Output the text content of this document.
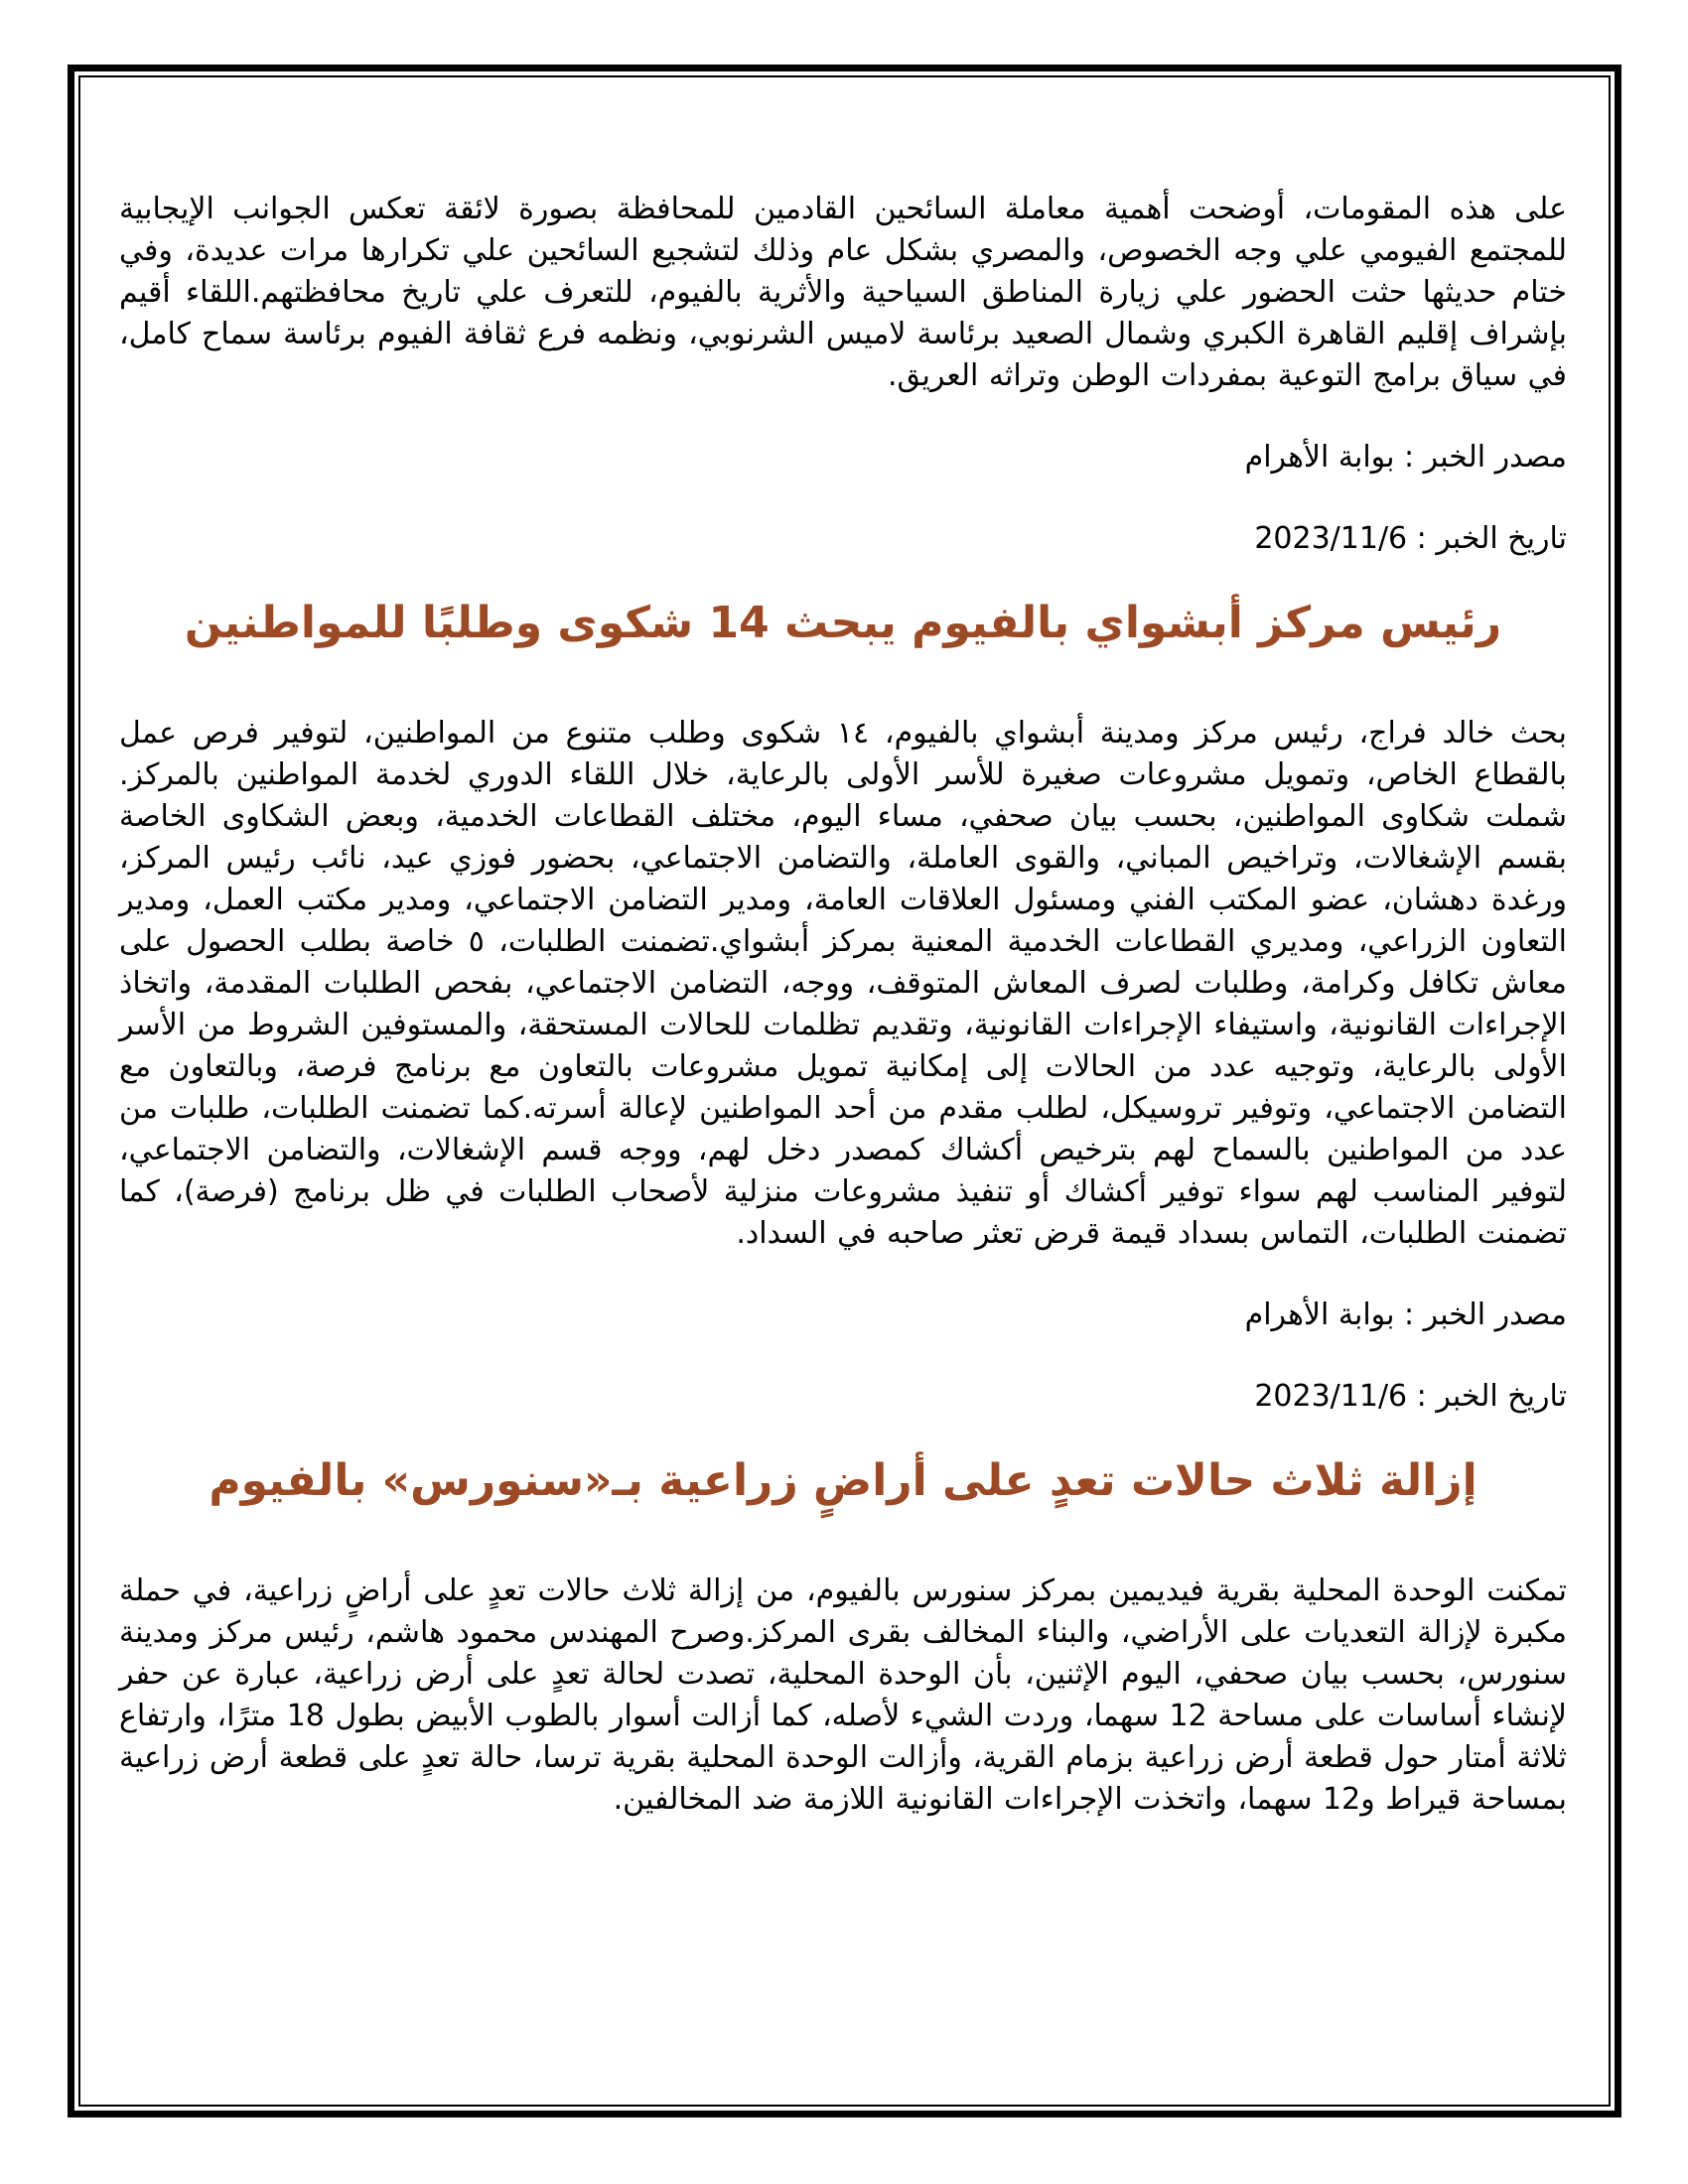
على هذه المقومات، أوضحت أهمية معاملة السائحين القادمين للمحافظة بصورة لائقة تعكس الجوانب الإيجابية للمجتمع الفيومي علي وجه الخصوص، والمصري بشكل عام وذلك لتشجيع السائحين علي تكرارها مرات عديدة، وفي ختام حديثها حثت الحضور علي زيارة المناطق السياحية والأثرية بالفيوم، للتعرف علي تاريخ محافظتهم.اللقاء أقيم بإشراف إقليم القاهرة الكبري وشمال الصعيد برئاسة لاميس الشرنوبي، ونظمه فرع ثقافة الفيوم برئاسة سماح كامل، في سياق برامج التوعية بمفردات الوطن وتراثه العريق.

مصدر الخبر : بوابة الأهرام

تاريخ الخبر : 2023/11/6

رئيس مركز أبشواي بالفيوم يبحث 14 شكوى وطلبًا للمواطنين

بحث خالد فراج، رئيس مركز ومدينة أبشواي بالفيوم، ١٤ شكوى وطلب متنوع من المواطنين، لتوفير فرص عمل بالقطاع الخاص، وتمويل مشروعات صغيرة للأسر الأولى بالرعاية، خلال اللقاء الدوري لخدمة المواطنين بالمركز. شملت شكاوى المواطنين، بحسب بيان صحفي، مساء اليوم، مختلف القطاعات الخدمية، وبعض الشكاوى الخاصة بقسم الإشغالات، وتراخيص المباني، والقوى العاملة، والتضامن الاجتماعي، بحضور فوزي عيد، نائب رئيس المركز، ورغدة دهشان، عضو المكتب الفني ومسئول العلاقات العامة، ومدير التضامن الاجتماعي، ومدير مكتب العمل، ومدير التعاون الزراعي، ومديري القطاعات الخدمية المعنية بمركز أبشواي.تضمنت الطلبات، ٥ خاصة بطلب الحصول على معاش تكافل وكرامة، وطلبات لصرف المعاش المتوقف، ووجه، التضامن الاجتماعي، بفحص الطلبات المقدمة، واتخاذ الإجراءات القانونية، واستيفاء الإجراءات القانونية، وتقديم تظلمات للحالات المستحقة، والمستوفين الشروط من الأسر الأولى بالرعاية، وتوجيه عدد من الحالات إلى إمكانية تمويل مشروعات بالتعاون مع برنامج فرصة، وبالتعاون مع التضامن الاجتماعي، وتوفير تروسيكل، لطلب مقدم من أحد المواطنين لإعالة أسرته.كما تضمنت الطلبات، طلبات من عدد من المواطنين بالسماح لهم بترخيص أكشاك كمصدر دخل لهم، ووجه قسم الإشغالات، والتضامن الاجتماعي، لتوفير المناسب لهم سواء توفير أكشاك أو تنفيذ مشروعات منزلية لأصحاب الطلبات في ظل برنامج (فرصة)، كما تضمنت الطلبات، التماس بسداد قيمة قرض تعثر صاحبه في السداد.

مصدر الخبر : بوابة الأهرام

تاريخ الخبر : 2023/11/6

إزالة ثلاث حالات تعدٍ على أراضٍ زراعية بـ«سنورس» بالفيوم

تمكنت الوحدة المحلية بقرية فيديمين بمركز سنورس بالفيوم، من إزالة ثلاث حالات تعدٍ على أراضٍ زراعية، في حملة مكبرة لإزالة التعديات على الأراضي، والبناء المخالف بقرى المركز.وصرح المهندس محمود هاشم، رئيس مركز ومدينة سنورس، بحسب بيان صحفي، اليوم الإثنين، بأن الوحدة المحلية، تصدت لحالة تعدٍ على أرض زراعية، عبارة عن حفر لإنشاء أساسات على مساحة 12 سهما، وردت الشيء لأصله، كما أزالت أسوار بالطوب الأبيض بطول 18 مترًا، وارتفاع ثلاثة أمتار حول قطعة أرض زراعية بزمام القرية، وأزالت الوحدة المحلية بقرية ترسا، حالة تعدٍ على قطعة أرض زراعية بمساحة قيراط و12 سهما، واتخذت الإجراءات القانونية اللازمة ضد المخالفين.
